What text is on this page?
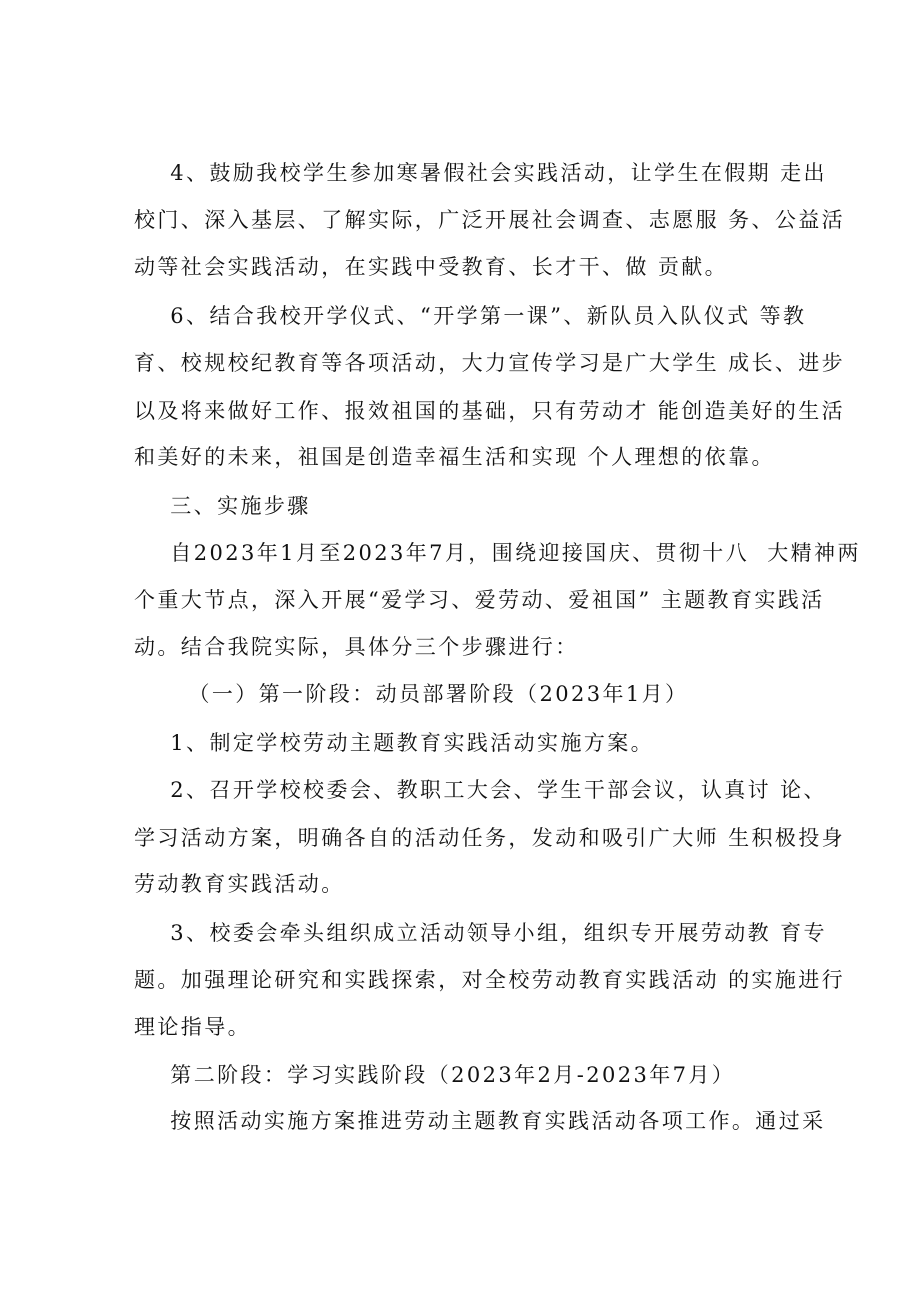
4、鼓励我校学生参加寒暑假社会实践活动，让学生在假期 走出
校门、深入基层、了解实际，广泛开展社会调查、志愿服 务、公益活
动等社会实践活动，在实践中受教育、长才干、做 贡献。
6、结合我校开学仪式、“开学第一课”、新队员入队仪式 等教
育、校规校纪教育等各项活动，大力宣传学习是广大学生 成长、进步
以及将来做好工作、报效祖国的基础，只有劳动才 能创造美好的生活
和美好的未来，祖国是创造幸福生活和实现 个人理想的依靠。
三、实施步骤
自2023年1月至2023年7月，围绕迎接国庆、贯彻十八  大精神两
个重大节点，深入开展“爱学习、爱劳动、爱祖国” 主题教育实践活
动。结合我院实际，具体分三个步骤进行：
（一）第一阶段：动员部署阶段（2023年1月）
1、制定学校劳动主题教育实践活动实施方案。
2、召开学校校委会、教职工大会、学生干部会议，认真讨 论、
学习活动方案，明确各自的活动任务，发动和吸引广大师 生积极投身
劳动教育实践活动。
3、校委会牵头组织成立活动领导小组，组织专开展劳动教 育专
题。加强理论研究和实践探索，对全校劳动教育实践活动 的实施进行
理论指导。
第二阶段：学习实践阶段（2023年2月-2023年7月）
按照活动实施方案推进劳动主题教育实践活动各项工作。通过采
